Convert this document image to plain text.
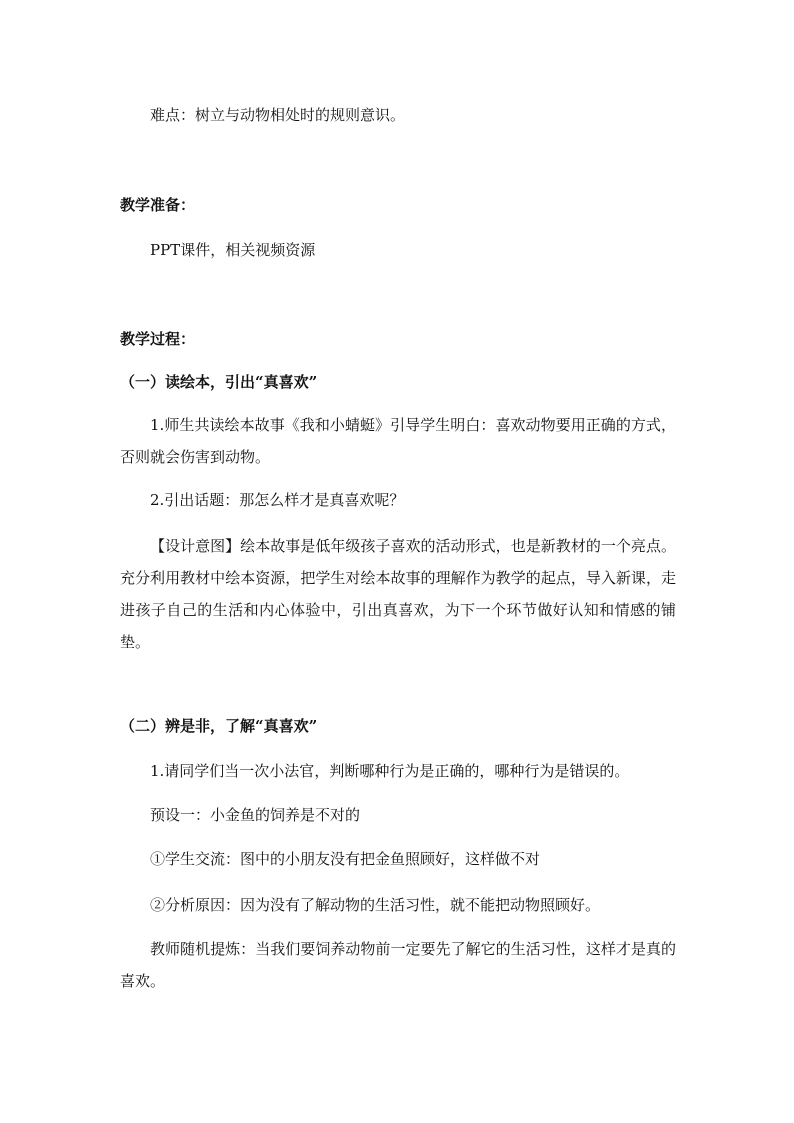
难点：树立与动物相处时的规则意识。
教学准备：
PPT课件，相关视频资源
教学过程：
（一）读绘本，引出“真喜欢”
1.师生共读绘本故事《我和小蜻蜓》引导学生明白：喜欢动物要用正确的方式，否则就会伤害到动物。
2.引出话题：那怎么样才是真喜欢呢？
【设计意图】绘本故事是低年级孩子喜欢的活动形式，也是新教材的一个亮点。充分利用教材中绘本资源，把学生对绘本故事的理解作为教学的起点，导入新课，走进孩子自己的生活和内心体验中，引出真喜欢，为下一个环节做好认知和情感的铺垫。
（二）辨是非，了解“真喜欢”
1.请同学们当一次小法官，判断哪种行为是正确的，哪种行为是错误的。
预设一：小金鱼的饲养是不对的
①学生交流：图中的小朋友没有把金鱼照顾好，这样做不对
②分析原因：因为没有了解动物的生活习性，就不能把动物照顾好。
教师随机提炼：当我们要饲养动物前一定要先了解它的生活习性，这样才是真的喜欢。
